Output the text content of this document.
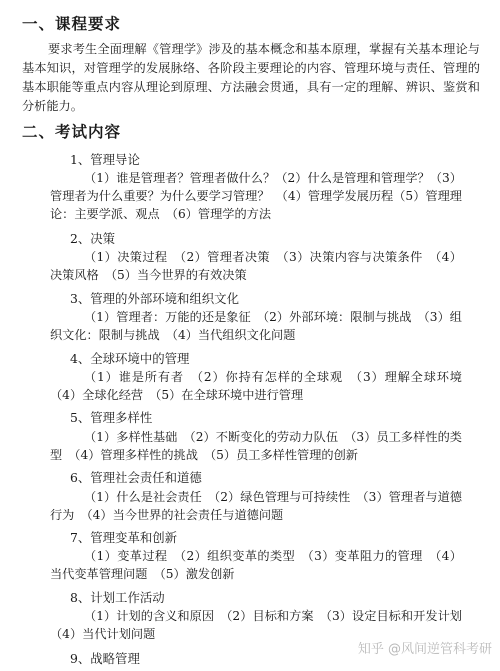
一、课程要求
要求考生全面理解《管理学》涉及的基本概念和基本原理，掌握有关基本理论与基本知识，对管理学的发展脉络、各阶段主要理论的内容、管理环境与责任、管理的基本职能等重点内容从理论到原理、方法融会贯通，具有一定的理解、辨识、鉴赏和分析能力。
二、考试内容
1、管理导论
（1）谁是管理者？管理者做什么？（2）什么是管理和管理学？（3）管理者为什么重要？为什么要学习管理？　（4）管理学发展历程（5）管理理论：主要学派、观点　（6）管理学的方法
2、决策
（1）决策过程　（2）管理者决策　（3）决策内容与决策条件　（4）决策风格　（5）当今世界的有效决策
3、管理的外部环境和组织文化
（1）管理者：万能的还是象征　（2）外部环境：限制与挑战　（3）组织文化：限制与挑战　（4）当代组织文化问题
4、全球环境中的管理
（1）谁是所有者　（2）你持有怎样的全球观　（3）理解全球环境　（4）全球化经营　（5）在全球环境中进行管理
5、管理多样性
（1）多样性基础　（2）不断变化的劳动力队伍　（3）员工多样性的类型　（4）管理多样性的挑战　（5）员工多样性管理的创新
6、管理社会责任和道德
（1）什么是社会责任　（2）绿色管理与可持续性　（3）管理者与道德行为　（4）当今世界的社会责任与道德问题
7、管理变革和创新
（1）变革过程　（2）组织变革的类型　（3）变革阻力的管理　（4）当代变革管理问题　（5）激发创新
8、计划工作活动
（1）计划的含义和原因　（2）目标和方案　（3）设定目标和开发计划　（4）当代计划问题
9、战略管理
知乎 @风间逆管科考研
